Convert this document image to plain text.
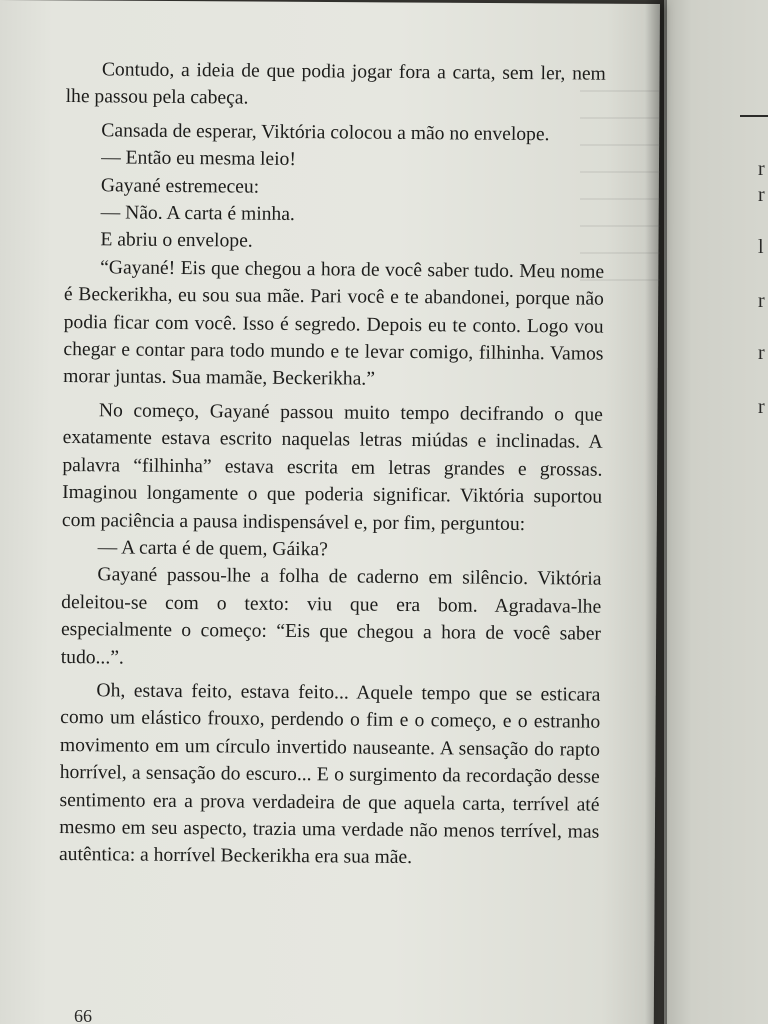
Contudo, a ideia de que podia jogar fora a carta, sem ler, nem lhe passou pela cabeça.

Cansada de esperar, Viktória colocou a mão no envelope.

— Então eu mesma leio!

Gayané estremeceu:

— Não. A carta é minha.

E abriu o envelope.

“Gayané! Eis que chegou a hora de você saber tudo. Meu nome é Beckerikha, eu sou sua mãe. Pari você e te abandonei, porque não podia ficar com você. Isso é segredo. Depois eu te conto. Logo vou chegar e contar para todo mundo e te levar comigo, filhinha. Vamos morar juntas. Sua mamãe, Beckerikha.”

No começo, Gayané passou muito tempo decifrando o que exatamente estava escrito naquelas letras miúdas e inclinadas. A palavra “filhinha” estava escrita em letras grandes e grossas. Imaginou longamente o que poderia significar. Viktória suportou com paciência a pausa indispensável e, por fim, perguntou:

— A carta é de quem, Gáika?

Gayané passou-lhe a folha de caderno em silêncio. Viktória deleitou-se com o texto: viu que era bom. Agradava-lhe especialmente o começo: “Eis que chegou a hora de você saber tudo...”.

Oh, estava feito, estava feito... Aquele tempo que se esticara como um elástico frouxo, perdendo o fim e o começo, e o estranho movimento em um círculo invertido nauseante. A sensação do rapto horrível, a sensação do escuro... E o surgimento da recordação desse sentimento era a prova verdadeira de que aquela carta, terrível até mesmo em seu aspecto, trazia uma verdade não menos terrível, mas autêntica: a horrível Beckerikha era sua mãe.

66
r
r
l
r
r
r
